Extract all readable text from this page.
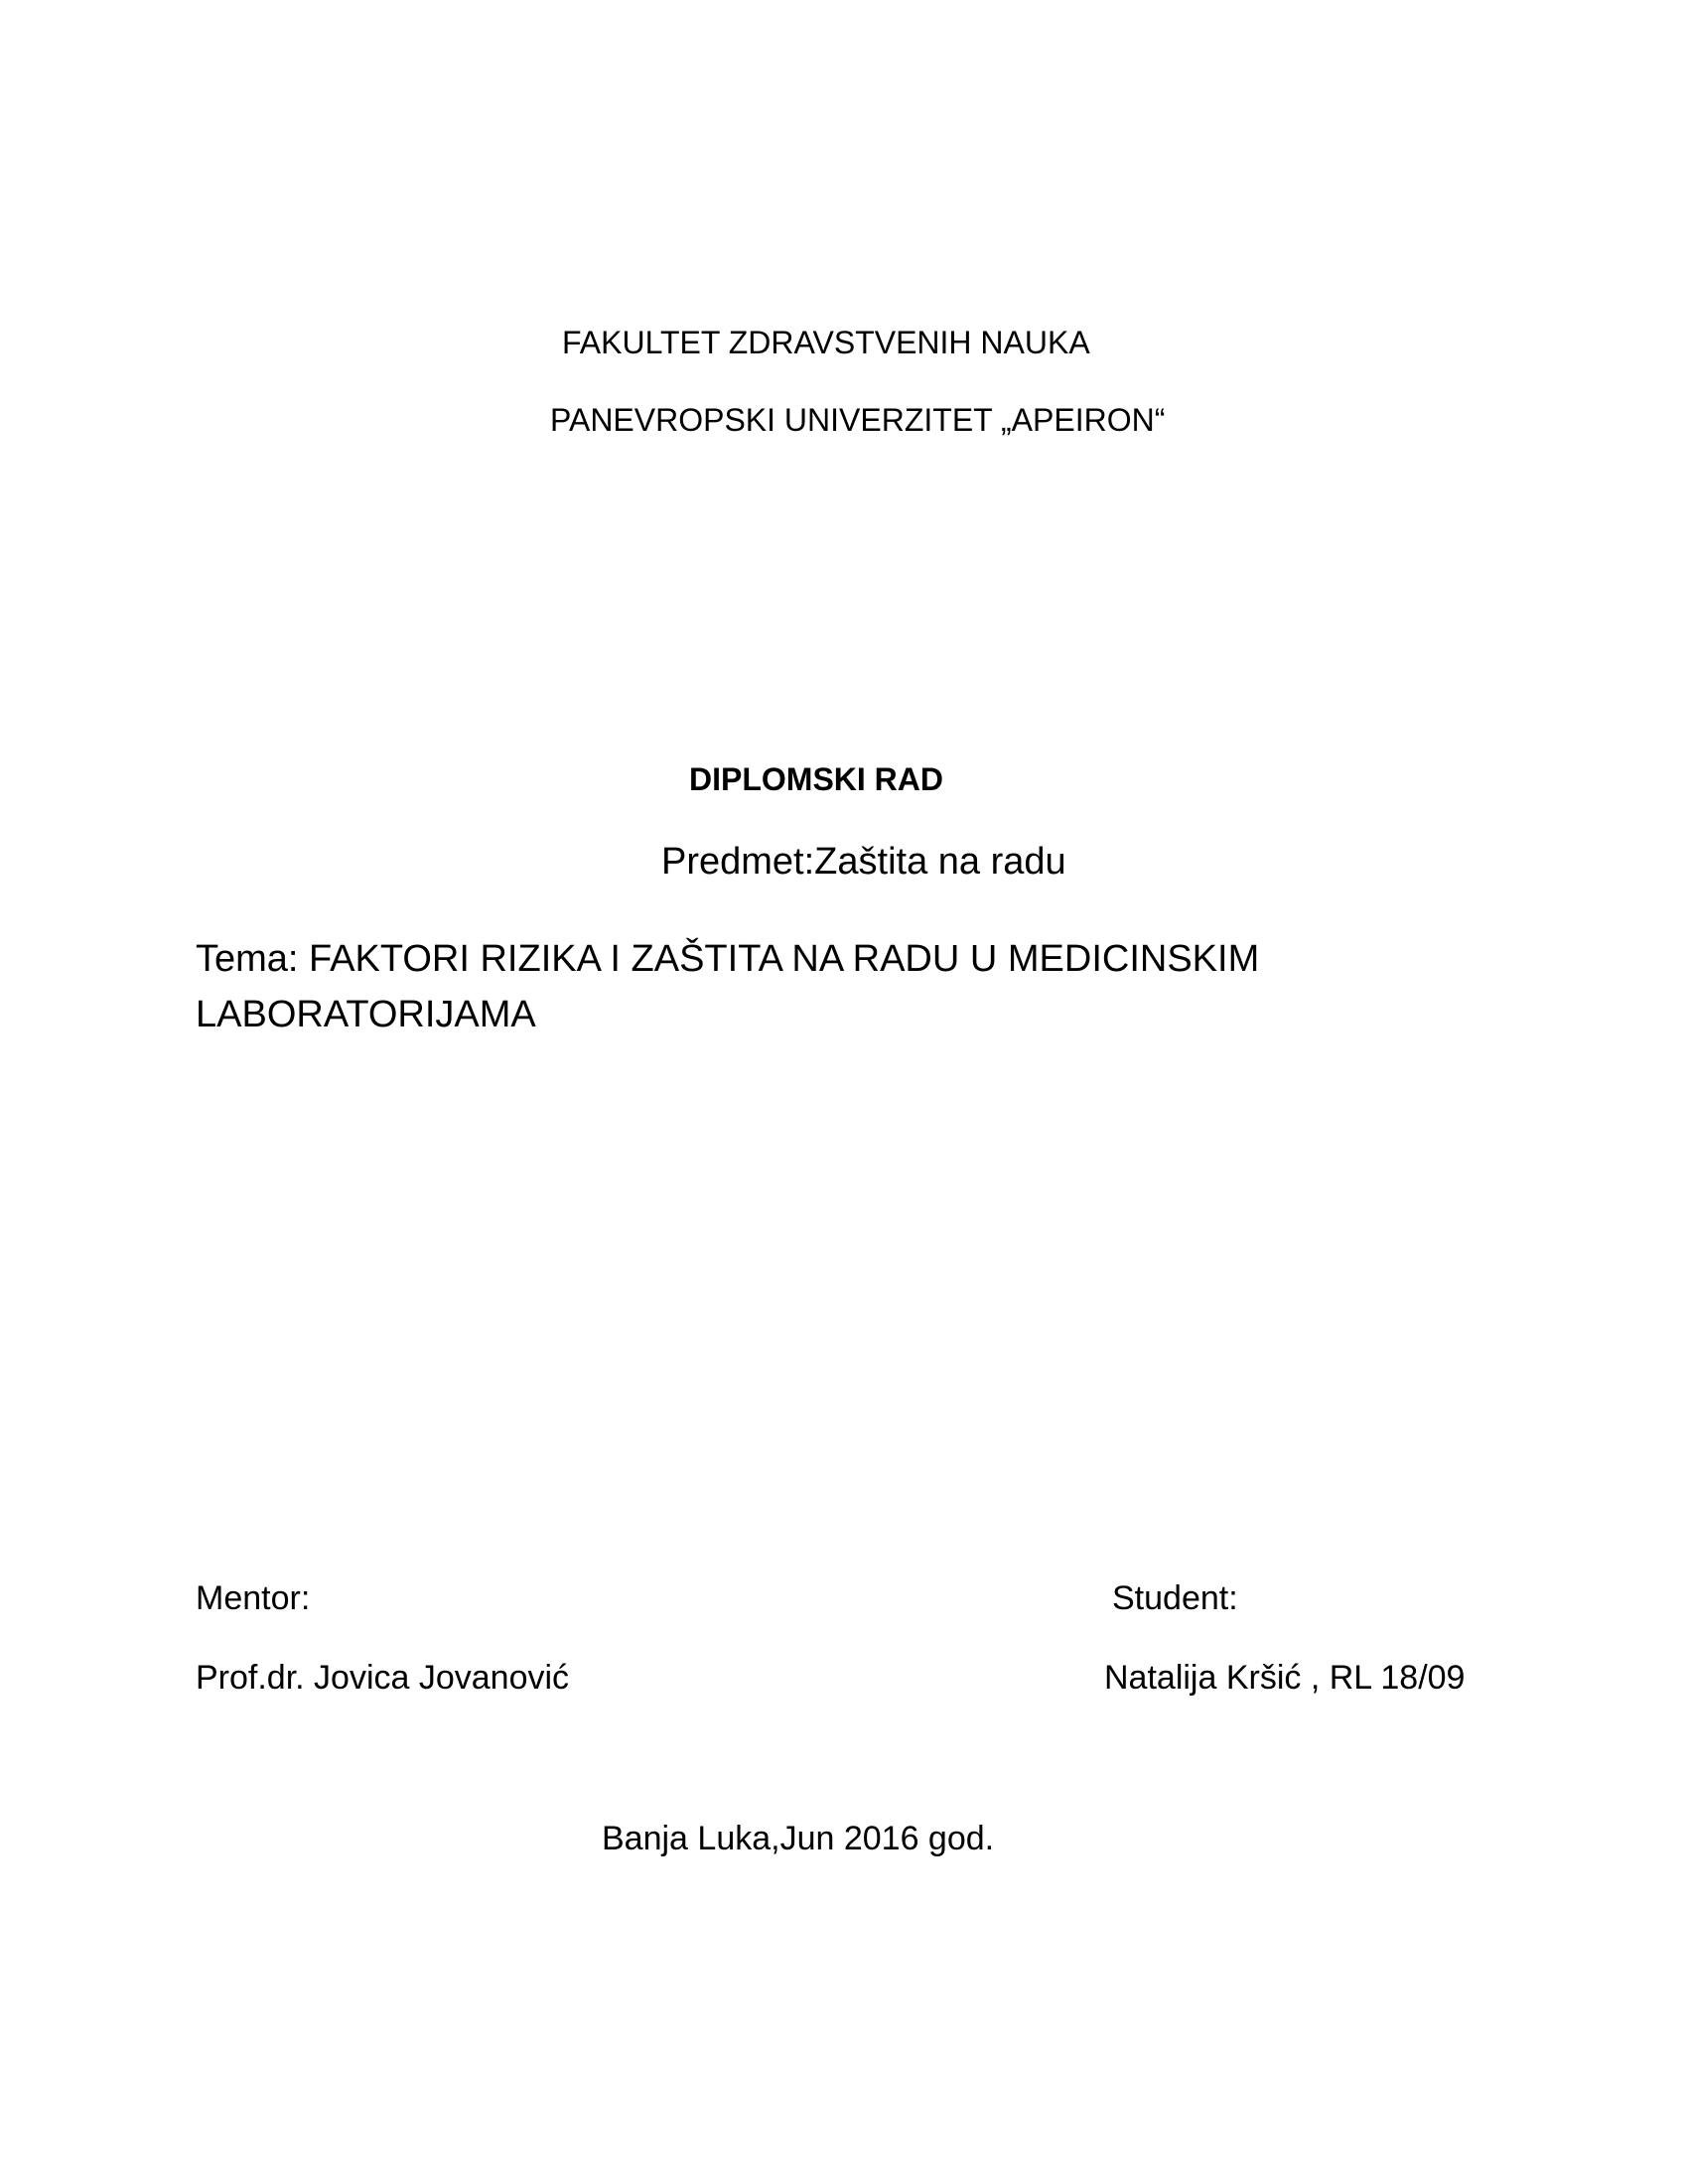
FAKULTET ZDRAVSTVENIH NAUKA
PANEVROPSKI UNIVERZITET „APEIRON“
DIPLOMSKI RAD
Predmet:Zaštita na radu
Tema: FAKTORI RIZIKA I ZAŠTITA NA RADU U MEDICINSKIM LABORATORIJAMA
Mentor:	Student:
Prof.dr. Jovica Jovanović	Natalija Kršić , RL 18/09
Banja Luka,Jun 2016 god.
